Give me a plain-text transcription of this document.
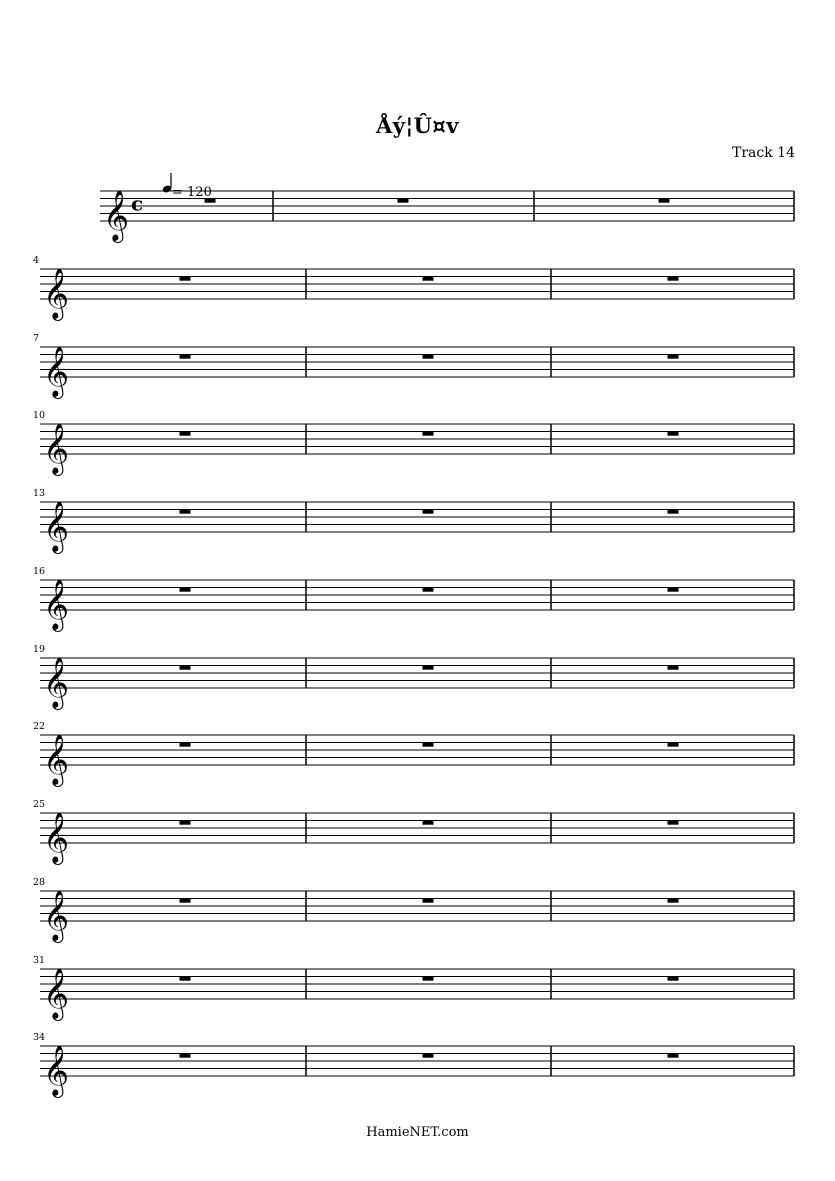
Åý¦Û¤v
Track 14
𝄞 c = 120
𝄞
4
𝄞
7
𝄞
10
𝄞
13
𝄞
16
𝄞
19
𝄞
22
𝄞
25
𝄞
28
𝄞
31
𝄞
34
HamieNET.com
